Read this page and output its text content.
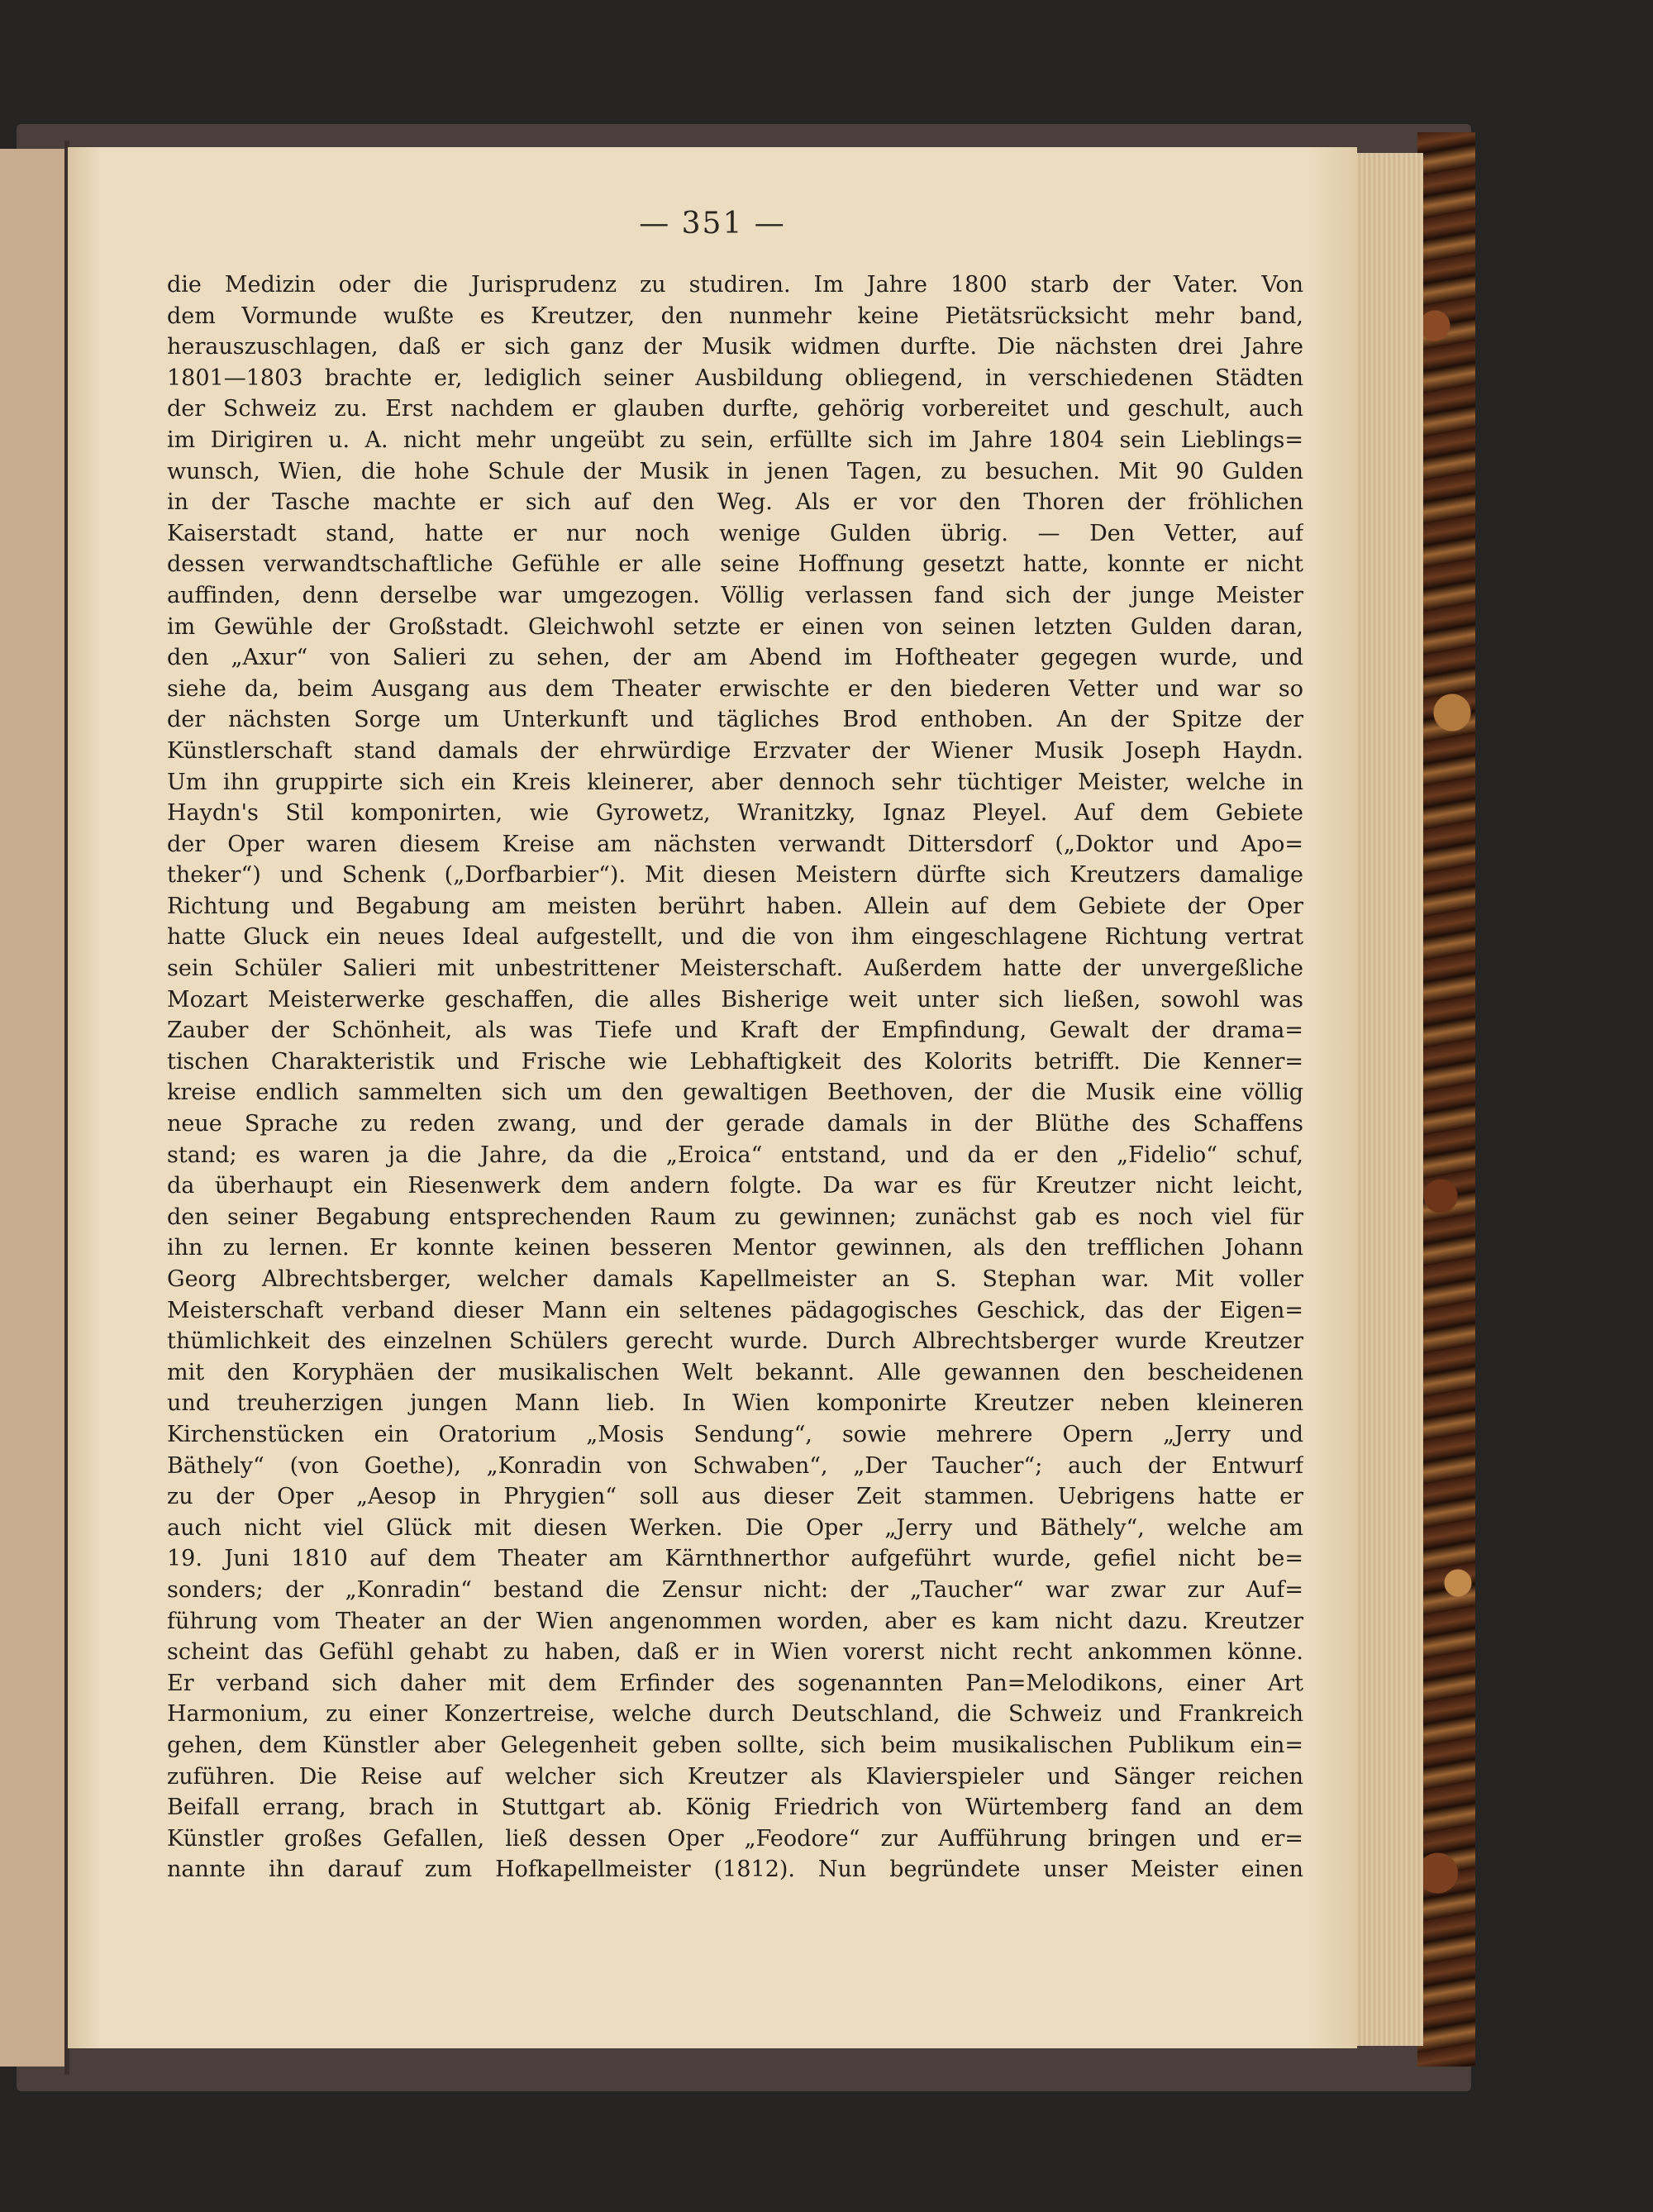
— 351 —
die Medizin oder die Jurisprudenz zu studiren. Im Jahre 1800 starb der Vater. Von
dem Vormunde wußte es Kreutzer, den nunmehr keine Pietätsrücksicht mehr band,
herauszuschlagen, daß er sich ganz der Musik widmen durfte. Die nächsten drei Jahre
1801—1803 brachte er, lediglich seiner Ausbildung obliegend, in verschiedenen Städten
der Schweiz zu. Erst nachdem er glauben durfte, gehörig vorbereitet und geschult, auch
im Dirigiren u. A. nicht mehr ungeübt zu sein, erfüllte sich im Jahre 1804 sein Lieblings=
wunsch, Wien, die hohe Schule der Musik in jenen Tagen, zu besuchen. Mit 90 Gulden
in der Tasche machte er sich auf den Weg. Als er vor den Thoren der fröhlichen
Kaiserstadt stand, hatte er nur noch wenige Gulden übrig. — Den Vetter, auf
dessen verwandtschaftliche Gefühle er alle seine Hoffnung gesetzt hatte, konnte er nicht
auffinden, denn derselbe war umgezogen. Völlig verlassen fand sich der junge Meister
im Gewühle der Großstadt. Gleichwohl setzte er einen von seinen letzten Gulden daran,
den „Axur“ von Salieri zu sehen, der am Abend im Hoftheater gegegen wurde, und
siehe da, beim Ausgang aus dem Theater erwischte er den biederen Vetter und war so
der nächsten Sorge um Unterkunft und tägliches Brod enthoben. An der Spitze der
Künstlerschaft stand damals der ehrwürdige Erzvater der Wiener Musik Joseph Haydn.
Um ihn gruppirte sich ein Kreis kleinerer, aber dennoch sehr tüchtiger Meister, welche in
Haydn's Stil komponirten, wie Gyrowetz, Wranitzky, Ignaz Pleyel. Auf dem Gebiete
der Oper waren diesem Kreise am nächsten verwandt Dittersdorf („Doktor und Apo=
theker“) und Schenk („Dorfbarbier“). Mit diesen Meistern dürfte sich Kreutzers damalige
Richtung und Begabung am meisten berührt haben. Allein auf dem Gebiete der Oper
hatte Gluck ein neues Ideal aufgestellt, und die von ihm eingeschlagene Richtung vertrat
sein Schüler Salieri mit unbestrittener Meisterschaft. Außerdem hatte der unvergeßliche
Mozart Meisterwerke geschaffen, die alles Bisherige weit unter sich ließen, sowohl was
Zauber der Schönheit, als was Tiefe und Kraft der Empfindung, Gewalt der drama=
tischen Charakteristik und Frische wie Lebhaftigkeit des Kolorits betrifft. Die Kenner=
kreise endlich sammelten sich um den gewaltigen Beethoven, der die Musik eine völlig
neue Sprache zu reden zwang, und der gerade damals in der Blüthe des Schaffens
stand; es waren ja die Jahre, da die „Eroica“ entstand, und da er den „Fidelio“ schuf,
da überhaupt ein Riesenwerk dem andern folgte. Da war es für Kreutzer nicht leicht,
den seiner Begabung entsprechenden Raum zu gewinnen; zunächst gab es noch viel für
ihn zu lernen. Er konnte keinen besseren Mentor gewinnen, als den trefflichen Johann
Georg Albrechtsberger, welcher damals Kapellmeister an S. Stephan war. Mit voller
Meisterschaft verband dieser Mann ein seltenes pädagogisches Geschick, das der Eigen=
thümlichkeit des einzelnen Schülers gerecht wurde. Durch Albrechtsberger wurde Kreutzer
mit den Koryphäen der musikalischen Welt bekannt. Alle gewannen den bescheidenen
und treuherzigen jungen Mann lieb. In Wien komponirte Kreutzer neben kleineren
Kirchenstücken ein Oratorium „Mosis Sendung“, sowie mehrere Opern „Jerry und
Bäthely“ (von Goethe), „Konradin von Schwaben“, „Der Taucher“; auch der Entwurf
zu der Oper „Aesop in Phrygien“ soll aus dieser Zeit stammen. Uebrigens hatte er
auch nicht viel Glück mit diesen Werken. Die Oper „Jerry und Bäthely“, welche am
19. Juni 1810 auf dem Theater am Kärnthnerthor aufgeführt wurde, gefiel nicht be=
sonders; der „Konradin“ bestand die Zensur nicht: der „Taucher“ war zwar zur Auf=
führung vom Theater an der Wien angenommen worden, aber es kam nicht dazu. Kreutzer
scheint das Gefühl gehabt zu haben, daß er in Wien vorerst nicht recht ankommen könne.
Er verband sich daher mit dem Erfinder des sogenannten Pan=Melodikons, einer Art
Harmonium, zu einer Konzertreise, welche durch Deutschland, die Schweiz und Frankreich
gehen, dem Künstler aber Gelegenheit geben sollte, sich beim musikalischen Publikum ein=
zuführen. Die Reise auf welcher sich Kreutzer als Klavierspieler und Sänger reichen
Beifall errang, brach in Stuttgart ab. König Friedrich von Würtemberg fand an dem
Künstler großes Gefallen, ließ dessen Oper „Feodore“ zur Aufführung bringen und er=
nannte ihn darauf zum Hofkapellmeister (1812). Nun begründete unser Meister einen
